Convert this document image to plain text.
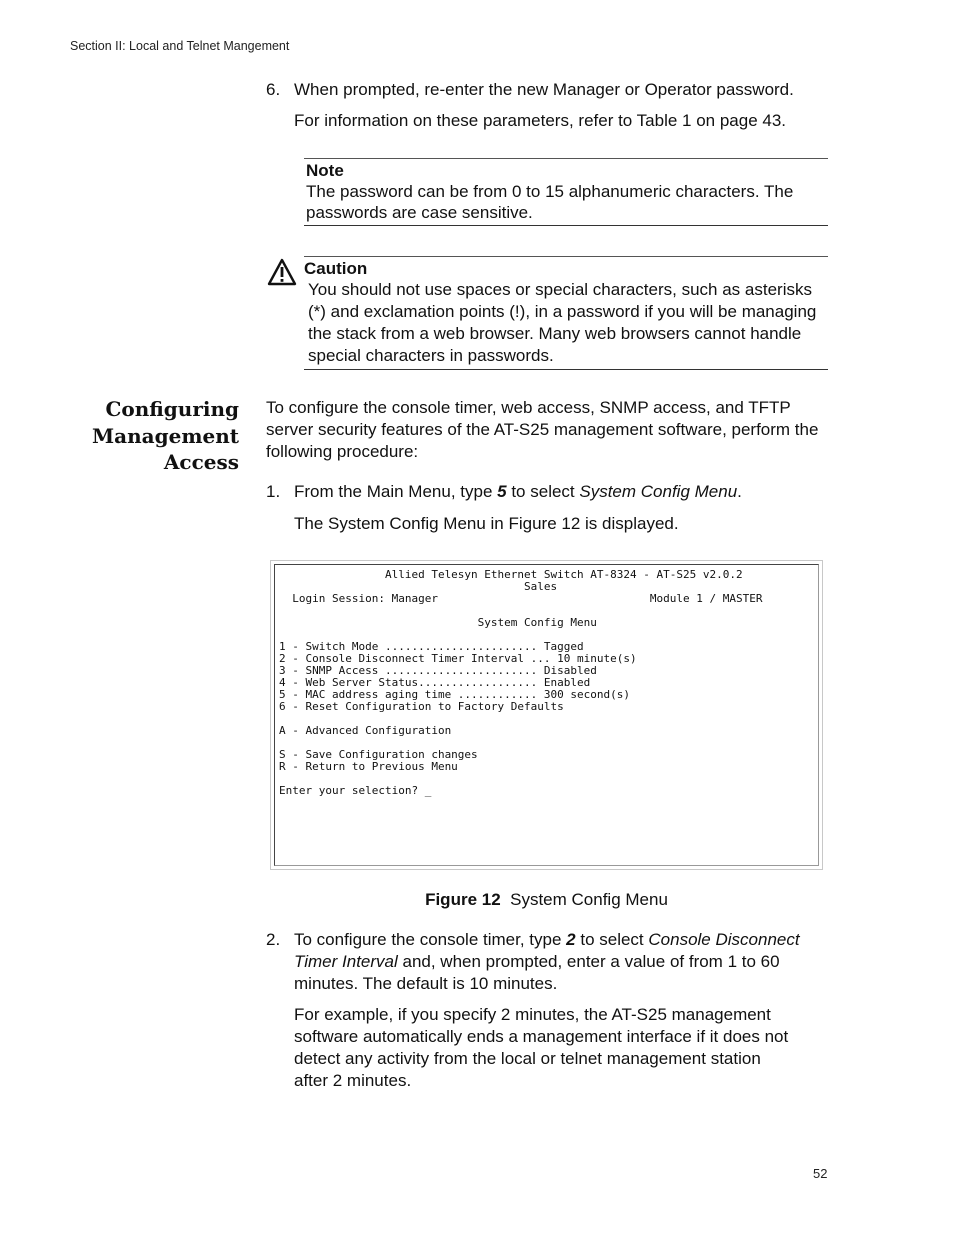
Section II: Local and Telnet Mangement
6. When prompted, re-enter the new Manager or Operator password.
For information on these parameters, refer to Table 1 on page 43.
Note
The password can be from 0 to 15 alphanumeric characters. The passwords are case sensitive.
Caution
You should not use spaces or special characters, such as asterisks (*) and exclamation points (!), in a password if you will be managing the stack from a web browser. Many web browsers cannot handle special characters in passwords.
Configuring
Management
Access
To configure the console timer, web access, SNMP access, and TFTP server security features of the AT-S25 management software, perform the following procedure:
1. From the Main Menu, type 5 to select System Config Menu.
The System Config Menu in Figure 12 is displayed.
Allied Telesyn Ethernet Switch AT-8324 - AT-S25 v2.0.2
Sales
Login Session: Manager                                Module 1 / MASTER

System Config Menu

1 - Switch Mode ....................... Tagged
2 - Console Disconnect Timer Interval ... 10 minute(s)
3 - SNMP Access ....................... Disabled
4 - Web Server Status.................. Enabled
5 - MAC address aging time ............ 300 second(s)
6 - Reset Configuration to Factory Defaults

A - Advanced Configuration

S - Save Configuration changes
R - Return to Previous Menu

Enter your selection? _
Figure 12 System Config Menu
2. To configure the console timer, type 2 to select Console Disconnect Timer Interval and, when prompted, enter a value of from 1 to 60 minutes. The default is 10 minutes.
For example, if you specify 2 minutes, the AT-S25 management software automatically ends a management interface if it does not detect any activity from the local or telnet management station after 2 minutes.
52
